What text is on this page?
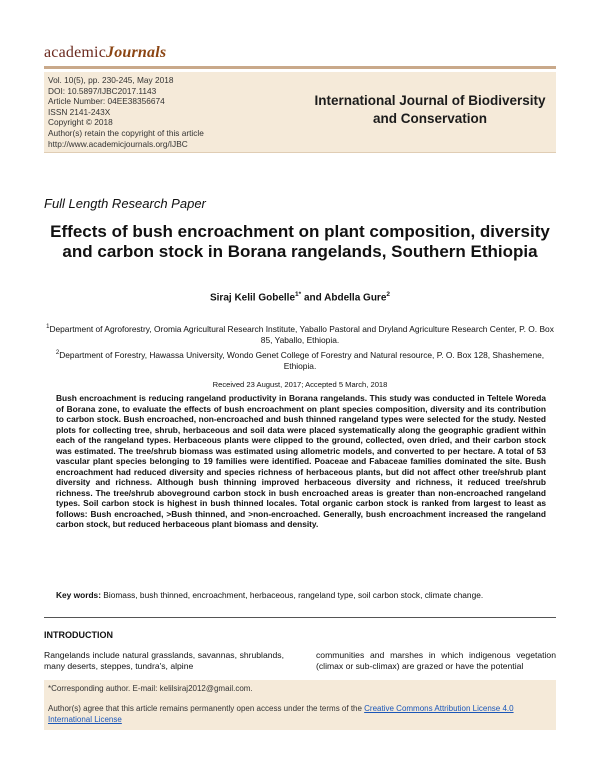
academicJournals
Vol. 10(5), pp. 230-245, May 2018
DOI: 10.5897/IJBC2017.1143
Article Number: 04EE38356674
ISSN 2141-243X
Copyright © 2018
Author(s) retain the copyright of this article
http://www.academicjournals.org/IJBC
International Journal of Biodiversity and Conservation
Full Length Research Paper
Effects of bush encroachment on plant composition, diversity and carbon stock in Borana rangelands, Southern Ethiopia
Siraj Kelil Gobelle$^{1*}$ and Abdella Gure$^2$
$^1$Department of Agroforestry, Oromia Agricultural Research Institute, Yaballo Pastoral and Dryland Agriculture Research Center, P. O. Box 85, Yaballo, Ethiopia.
$^2$Department of Forestry, Hawassa University, Wondo Genet College of Forestry and Natural resource, P. O. Box 128, Shashemene, Ethiopia.
Received 23 August, 2017; Accepted 5 March, 2018
Bush encroachment is reducing rangeland productivity in Borana rangelands. This study was conducted in Teltele Woreda of Borana zone, to evaluate the effects of bush encroachment on plant species composition, diversity and its contribution to carbon stock. Bush encroached, non-encroached and bush thinned rangeland types were selected for the study. Nested plots for collecting tree, shrub, herbaceous and soil data were placed systematically along the geographic gradient within each of the rangeland types. Herbaceous plants were clipped to the ground, collected, oven dried, and their carbon stock was estimated. The tree/shrub biomass was estimated using allometric models, and converted to per hectare. A total of 53 vascular plant species belonging to 19 families were identified. Poaceae and Fabaceae families dominated the site. Bush encroachment had reduced diversity and species richness of herbaceous plants, but did not affect other tree/shrub plant diversity and richness. Although bush thinning improved herbaceous diversity and richness, it reduced tree/shrub richness. The tree/shrub aboveground carbon stock in bush encroached areas is greater than non-encroached rangeland types. Soil carbon stock is highest in bush thinned locales. Total organic carbon stock is ranked from largest to least as follows: Bush encroached, >Bush thinned, and >non-encroached. Generally, bush encroachment increased the rangeland carbon stock, but reduced herbaceous plant biomass and density.
Key words: Biomass, bush thinned, encroachment, herbaceous, rangeland type, soil carbon stock, climate change.
INTRODUCTION
Rangelands include natural grasslands, savannas, shrublands, many deserts, steppes, tundra's, alpine
communities and marshes in which indigenous vegetation (climax or sub-climax) are grazed or have the potential
*Corresponding author. E-mail: kelilsiraj2012@gmail.com.
Author(s) agree that this article remains permanently open access under the terms of the Creative Commons Attribution License 4.0 International License
